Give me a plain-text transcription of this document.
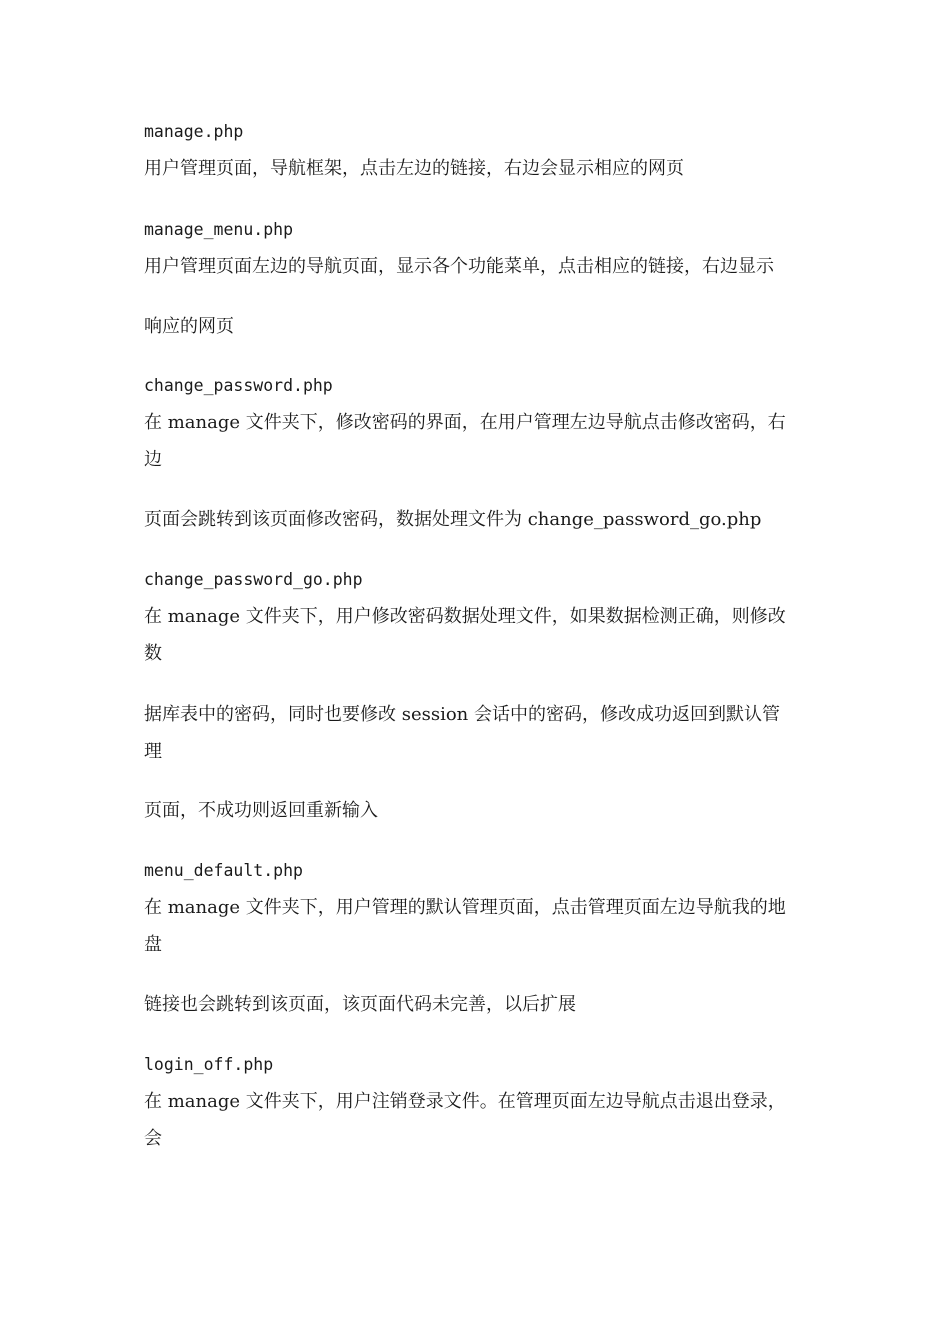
manage.php
用户管理页面，导航框架，点击左边的链接，右边会显示相应的网页
manage_menu.php
用户管理页面左边的导航页面，显示各个功能菜单，点击相应的链接，右边显示
响应的网页
change_password.php
在 manage 文件夹下，修改密码的界面，在用户管理左边导航点击修改密码，右
边
页面会跳转到该页面修改密码，数据处理文件为 change_password_go.php
change_password_go.php
在 manage 文件夹下，用户修改密码数据处理文件，如果数据检测正确，则修改
数
据库表中的密码，同时也要修改 session 会话中的密码，修改成功返回到默认管
理
页面，不成功则返回重新输入
menu_default.php
在 manage 文件夹下，用户管理的默认管理页面，点击管理页面左边导航我的地
盘
链接也会跳转到该页面，该页面代码未完善，以后扩展
login_off.php
在 manage 文件夹下，用户注销登录文件。在管理页面左边导航点击退出登录，
会
